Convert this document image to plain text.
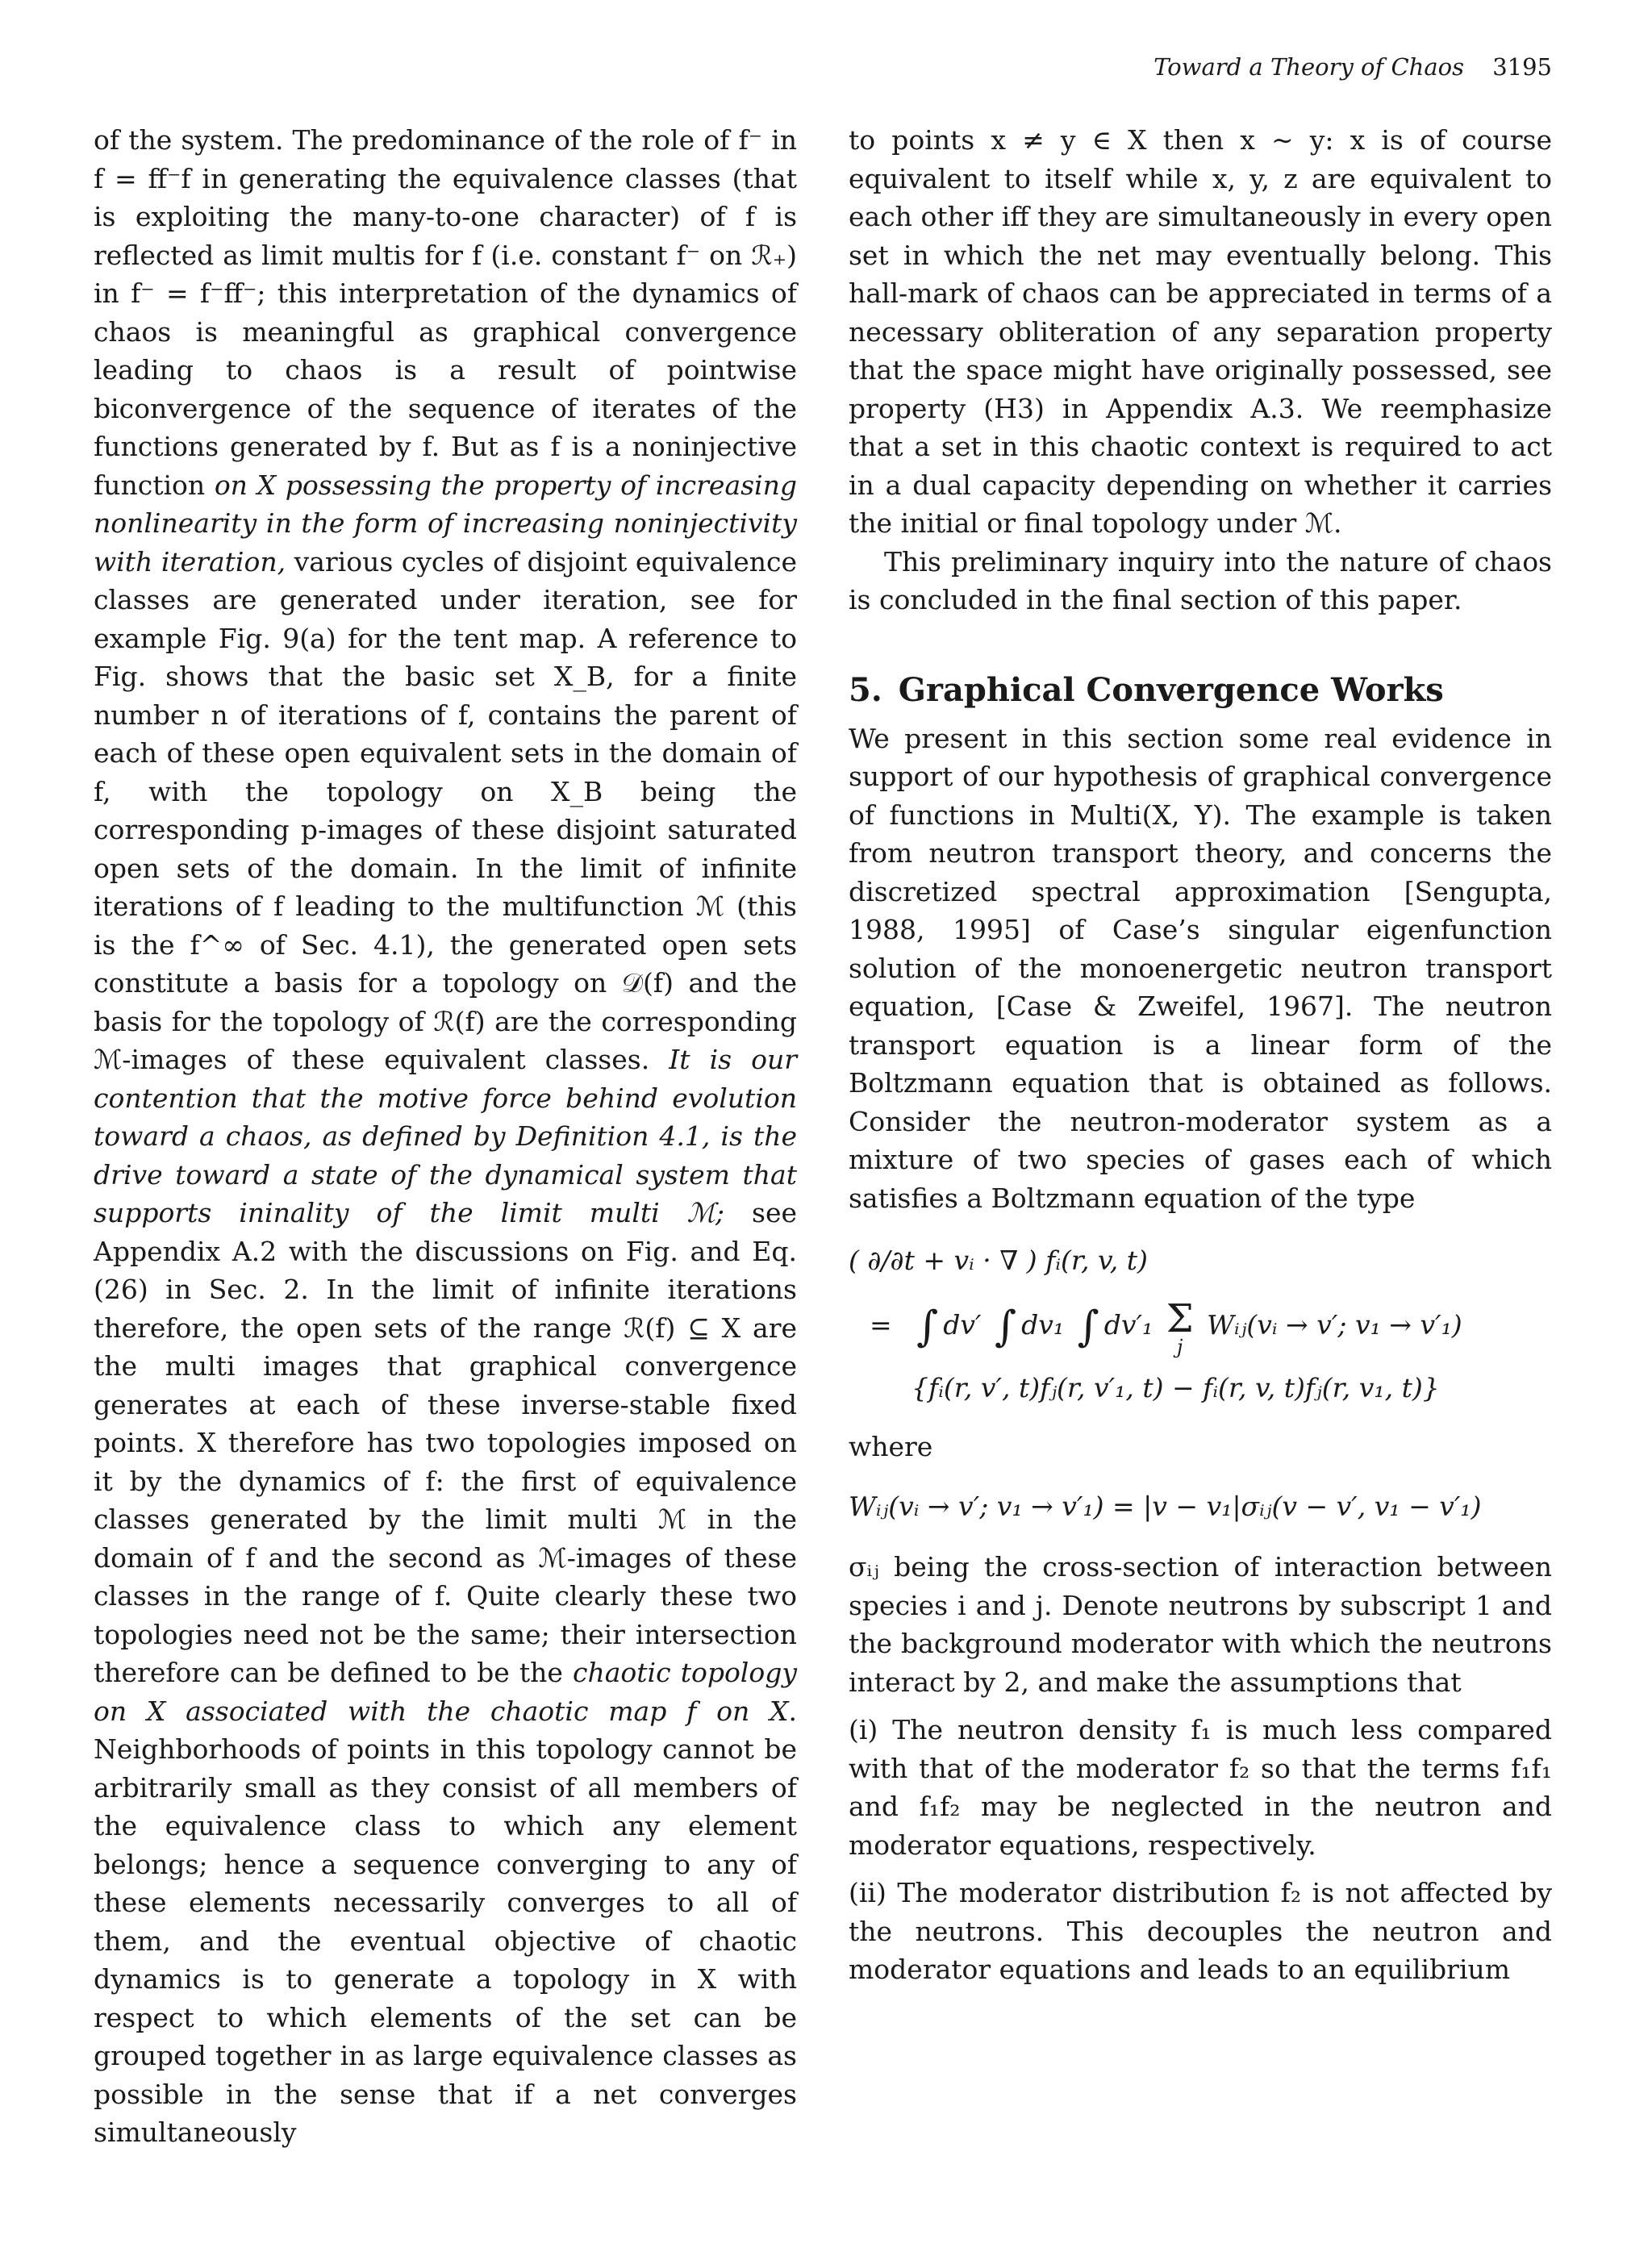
Toward a Theory of Chaos 3195

of the system. The predominance of the role of f⁻ in f = ff⁻f in generating the equivalence classes (that is exploiting the many-to-one character) of f is reflected as limit multis for f (i.e. constant f⁻ on ℛ₊) in f⁻ = f⁻ff⁻; this interpretation of the dynamics of chaos is meaningful as graphical convergence leading to chaos is a result of pointwise biconvergence of the sequence of iterates of the functions generated by f. But as f is a noninjective function on X possessing the property of increasing nonlinearity in the form of increasing noninjectivity with iteration, various cycles of disjoint equivalence classes are generated under iteration, see for example Fig. 9(a) for the tent map. A reference to Fig. shows that the basic set X_B, for a finite number n of iterations of f, contains the parent of each of these open equivalent sets in the domain of f, with the topology on X_B being the corresponding p-images of these disjoint saturated open sets of the domain. In the limit of infinite iterations of f leading to the multifunction ℳ (this is the f^∞ of Sec. 4.1), the generated open sets constitute a basis for a topology on 𝒟(f) and the basis for the topology of ℛ(f) are the corresponding ℳ-images of these equivalent classes. It is our contention that the motive force behind evolution toward a chaos, as defined by Definition 4.1, is the drive toward a state of the dynamical system that supports ininality of the limit multi ℳ; see Appendix A.2 with the discussions on Fig. and Eq. (26) in Sec. 2. In the limit of infinite iterations therefore, the open sets of the range ℛ(f) ⊆ X are the multi images that graphical convergence generates at each of these inverse-stable fixed points. X therefore has two topologies imposed on it by the dynamics of f: the first of equivalence classes generated by the limit multi ℳ in the domain of f and the second as ℳ-images of these classes in the range of f. Quite clearly these two topologies need not be the same; their intersection therefore can be defined to be the chaotic topology on X associated with the chaotic map f on X. Neighborhoods of points in this topology cannot be arbitrarily small as they consist of all members of the equivalence class to which any element belongs; hence a sequence converging to any of these elements necessarily converges to all of them, and the eventual objective of chaotic dynamics is to generate a topology in X with respect to which elements of the set can be grouped together in as large equivalence classes as possible in the sense that if a net converges simultaneously

to points x ≠ y ∈ X then x ∼ y: x is of course equivalent to itself while x, y, z are equivalent to each other iff they are simultaneously in every open set in which the net may eventually belong. This hall-mark of chaos can be appreciated in terms of a necessary obliteration of any separation property that the space might have originally possessed, see property (H3) in Appendix A.3. We reemphasize that a set in this chaotic context is required to act in a dual capacity depending on whether it carries the initial or final topology under ℳ.

This preliminary inquiry into the nature of chaos is concluded in the final section of this paper.

5. Graphical Convergence Works

We present in this section some real evidence in support of our hypothesis of graphical convergence of functions in Multi(X, Y). The example is taken from neutron transport theory, and concerns the discretized spectral approximation [Sengupta, 1988, 1995] of Case’s singular eigenfunction solution of the monoenergetic neutron transport equation, [Case & Zweifel, 1967]. The neutron transport equation is a linear form of the Boltzmann equation that is obtained as follows. Consider the neutron-moderator system as a mixture of two species of gases each of which satisfies a Boltzmann equation of the type

( ∂/∂t + vᵢ · ∇ ) fᵢ(r, v, t)
= ∫ dv′ ∫ dv₁ ∫ dv′₁ Σ
j
Wᵢⱼ(vᵢ → v′; v₁ → v′₁)
{fᵢ(r, v′, t)fⱼ(r, v′₁, t) − fᵢ(r, v, t)fⱼ(r, v₁, t)}

where

Wᵢⱼ(vᵢ → v′; v₁ → v′₁) = |v − v₁|σᵢⱼ(v − v′, v₁ − v′₁)

σᵢⱼ being the cross-section of interaction between species i and j. Denote neutrons by subscript 1 and the background moderator with which the neutrons interact by 2, and make the assumptions that

(i) The neutron density f₁ is much less compared with that of the moderator f₂ so that the terms f₁f₁ and f₁f₂ may be neglected in the neutron and moderator equations, respectively.

(ii) The moderator distribution f₂ is not affected by the neutrons. This decouples the neutron and moderator equations and leads to an equilibrium
